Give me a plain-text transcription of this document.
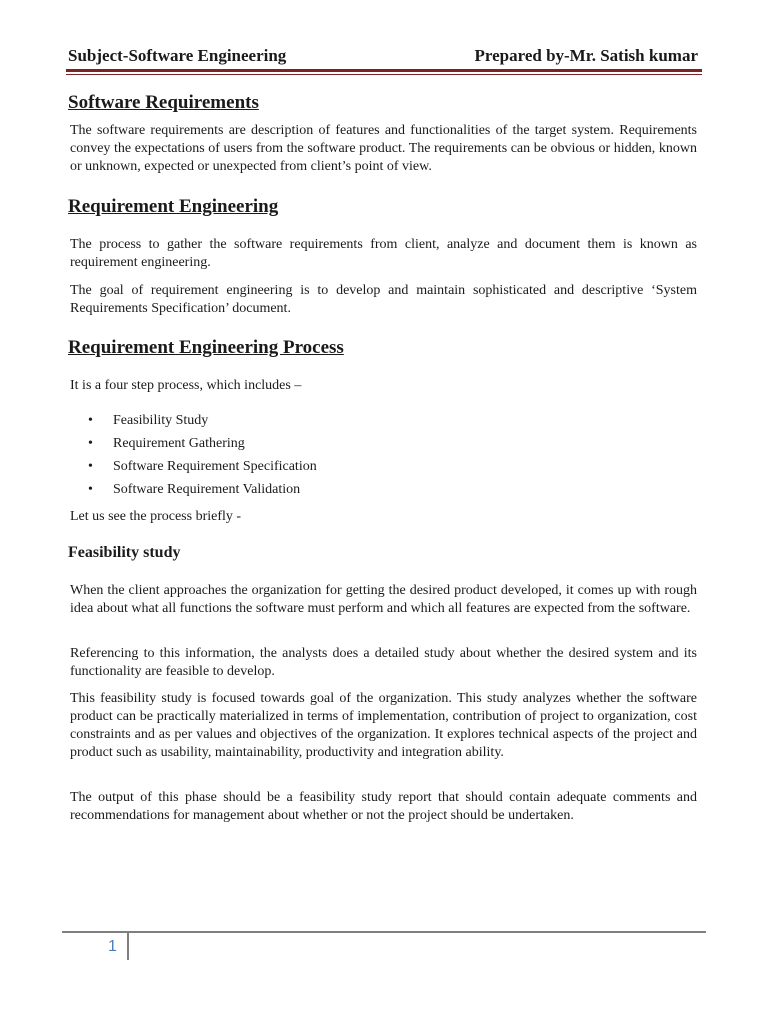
Subject-Software Engineering	Prepared by-Mr. Satish kumar
Software Requirements

The software requirements are description of features and functionalities of the target system. Requirements convey the expectations of users from the software product. The requirements can be obvious or hidden, known or unknown, expected or unexpected from client’s point of view.

Requirement Engineering

The process to gather the software requirements from client, analyze and document them is known as requirement engineering.

The goal of requirement engineering is to develop and maintain sophisticated and descriptive ‘System Requirements Specification’ document.

Requirement Engineering Process

It is a four step process, which includes –

• Feasibility Study
• Requirement Gathering
• Software Requirement Specification
• Software Requirement Validation

Let us see the process briefly -

Feasibility study

When the client approaches the organization for getting the desired product developed, it comes up with rough idea about what all functions the software must perform and which all features are expected from the software.

Referencing to this information, the analysts does a detailed study about whether the desired system and its functionality are feasible to develop.

This feasibility study is focused towards goal of the organization. This study analyzes whether the software product can be practically materialized in terms of implementation, contribution of project to organization, cost constraints and as per values and objectives of the organization. It explores technical aspects of the project and product such as usability, maintainability, productivity and integration ability.

The output of this phase should be a feasibility study report that should contain adequate comments and recommendations for management about whether or not the project should be undertaken.

1
